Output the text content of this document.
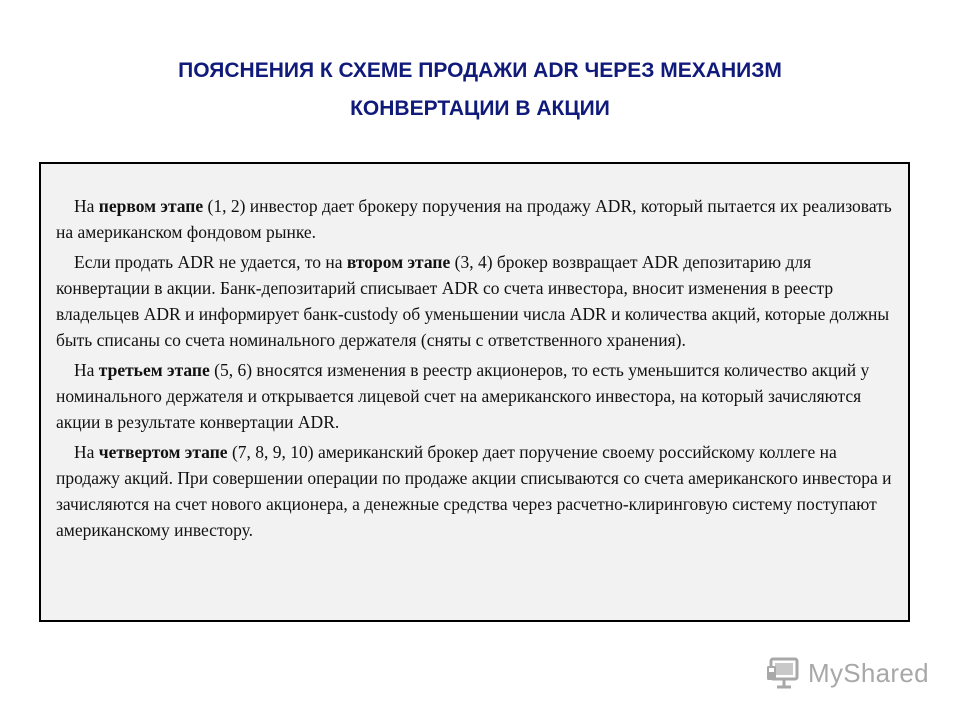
ПОЯСНЕНИЯ К СХЕМЕ ПРОДАЖИ ADR ЧЕРЕЗ МЕХАНИЗМ
КОНВЕРТАЦИИ В АКЦИИ

На первом этапе (1, 2) инвестор дает брокеру поручения на продажу ADR, который пытается их реализовать на американском фондовом рынке.

Если продать ADR не удается, то на втором этапе (3, 4) брокер возвращает ADR депозитарию для конвертации в акции. Банк-депозитарий списывает ADR со счета инвестора, вносит изменения в реестр владельцев ADR и информирует банк-custody об уменьшении числа ADR и количества акций, которые должны быть списаны со счета номинального держателя (сняты с ответственного хранения).

На третьем этапе (5, 6) вносятся изменения в реестр акционеров, то есть уменьшится количество акций у номинального держателя и открывается лицевой счет на американского инвестора, на который зачисляются акции в результате конвертации ADR.

На четвертом этапе (7, 8, 9, 10) американский брокер дает поручение своему российскому коллеге на продажу акций. При совершении операции по продаже акции списываются со счета американского инвестора и зачисляются на счет нового акционера, а денежные средства через расчетно-клиринговую систему поступают американскому инвестору.

MyShared
